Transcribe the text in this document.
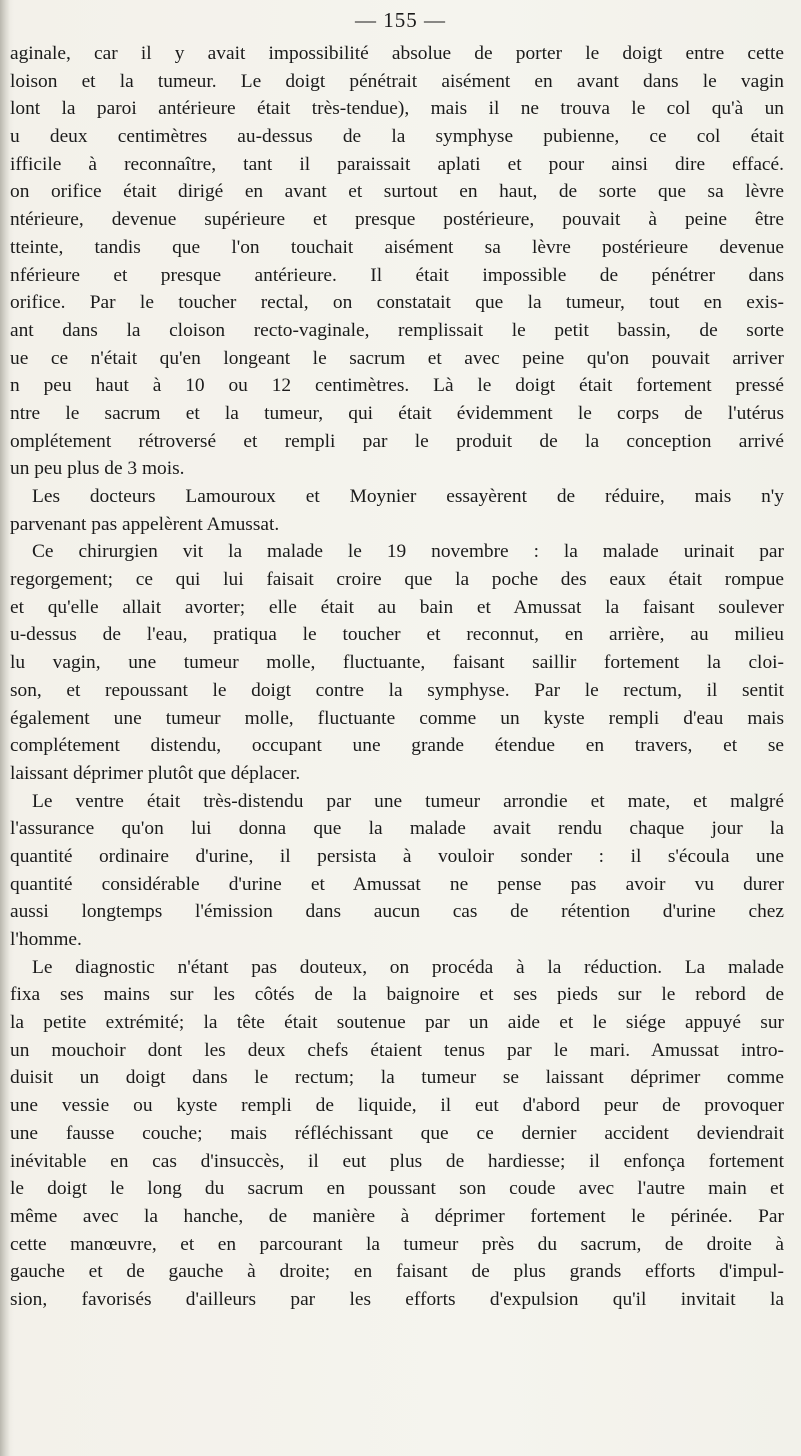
— 155 —
aginale, car il y avait impossibilité absolue de porter le doigt entre cette
loison et la tumeur. Le doigt pénétrait aisément en avant dans le vagin
lont la paroi antérieure était très-tendue), mais il ne trouva le col qu'à un
u deux centimètres au-dessus de la symphyse pubienne, ce col était
ifficile à reconnaître, tant il paraissait aplati et pour ainsi dire effacé.
on orifice était dirigé en avant et surtout en haut, de sorte que sa lèvre
ntérieure, devenue supérieure et presque postérieure, pouvait à peine être
tteinte, tandis que l'on touchait aisément sa lèvre postérieure devenue
nférieure et presque antérieure. Il était impossible de pénétrer dans
orifice. Par le toucher rectal, on constatait que la tumeur, tout en exis-
ant dans la cloison recto-vaginale, remplissait le petit bassin, de sorte
ue ce n'était qu'en longeant le sacrum et avec peine qu'on pouvait arriver
n peu haut à 10 ou 12 centimètres. Là le doigt était fortement pressé
ntre le sacrum et la tumeur, qui était évidemment le corps de l'utérus
omplétement rétroversé et rempli par le produit de la conception arrivé
un peu plus de 3 mois.
Les docteurs Lamouroux et Moynier essayèrent de réduire, mais n'y
parvenant pas appelèrent Amussat.
Ce chirurgien vit la malade le 19 novembre : la malade urinait par
regorgement; ce qui lui faisait croire que la poche des eaux était rompue
et qu'elle allait avorter; elle était au bain et Amussat la faisant soulever
u-dessus de l'eau, pratiqua le toucher et reconnut, en arrière, au milieu
lu vagin, une tumeur molle, fluctuante, faisant saillir fortement la cloi-
son, et repoussant le doigt contre la symphyse. Par le rectum, il sentit
également une tumeur molle, fluctuante comme un kyste rempli d'eau mais
complétement distendu, occupant une grande étendue en travers, et se
laissant déprimer plutôt que déplacer.
Le ventre était très-distendu par une tumeur arrondie et mate, et malgré
l'assurance qu'on lui donna que la malade avait rendu chaque jour la
quantité ordinaire d'urine, il persista à vouloir sonder : il s'écoula une
quantité considérable d'urine et Amussat ne pense pas avoir vu durer
aussi longtemps l'émission dans aucun cas de rétention d'urine chez
l'homme.
Le diagnostic n'étant pas douteux, on procéda à la réduction. La malade
fixa ses mains sur les côtés de la baignoire et ses pieds sur le rebord de
la petite extrémité; la tête était soutenue par un aide et le siége appuyé sur
un mouchoir dont les deux chefs étaient tenus par le mari. Amussat intro-
duisit un doigt dans le rectum; la tumeur se laissant déprimer comme
une vessie ou kyste rempli de liquide, il eut d'abord peur de provoquer
une fausse couche; mais réfléchissant que ce dernier accident deviendrait
inévitable en cas d'insuccès, il eut plus de hardiesse; il enfonça fortement
le doigt le long du sacrum en poussant son coude avec l'autre main et
même avec la hanche, de manière à déprimer fortement le périnée. Par
cette manœuvre, et en parcourant la tumeur près du sacrum, de droite à
gauche et de gauche à droite; en faisant de plus grands efforts d'impul-
sion, favorisés d'ailleurs par les efforts d'expulsion qu'il invitait la
